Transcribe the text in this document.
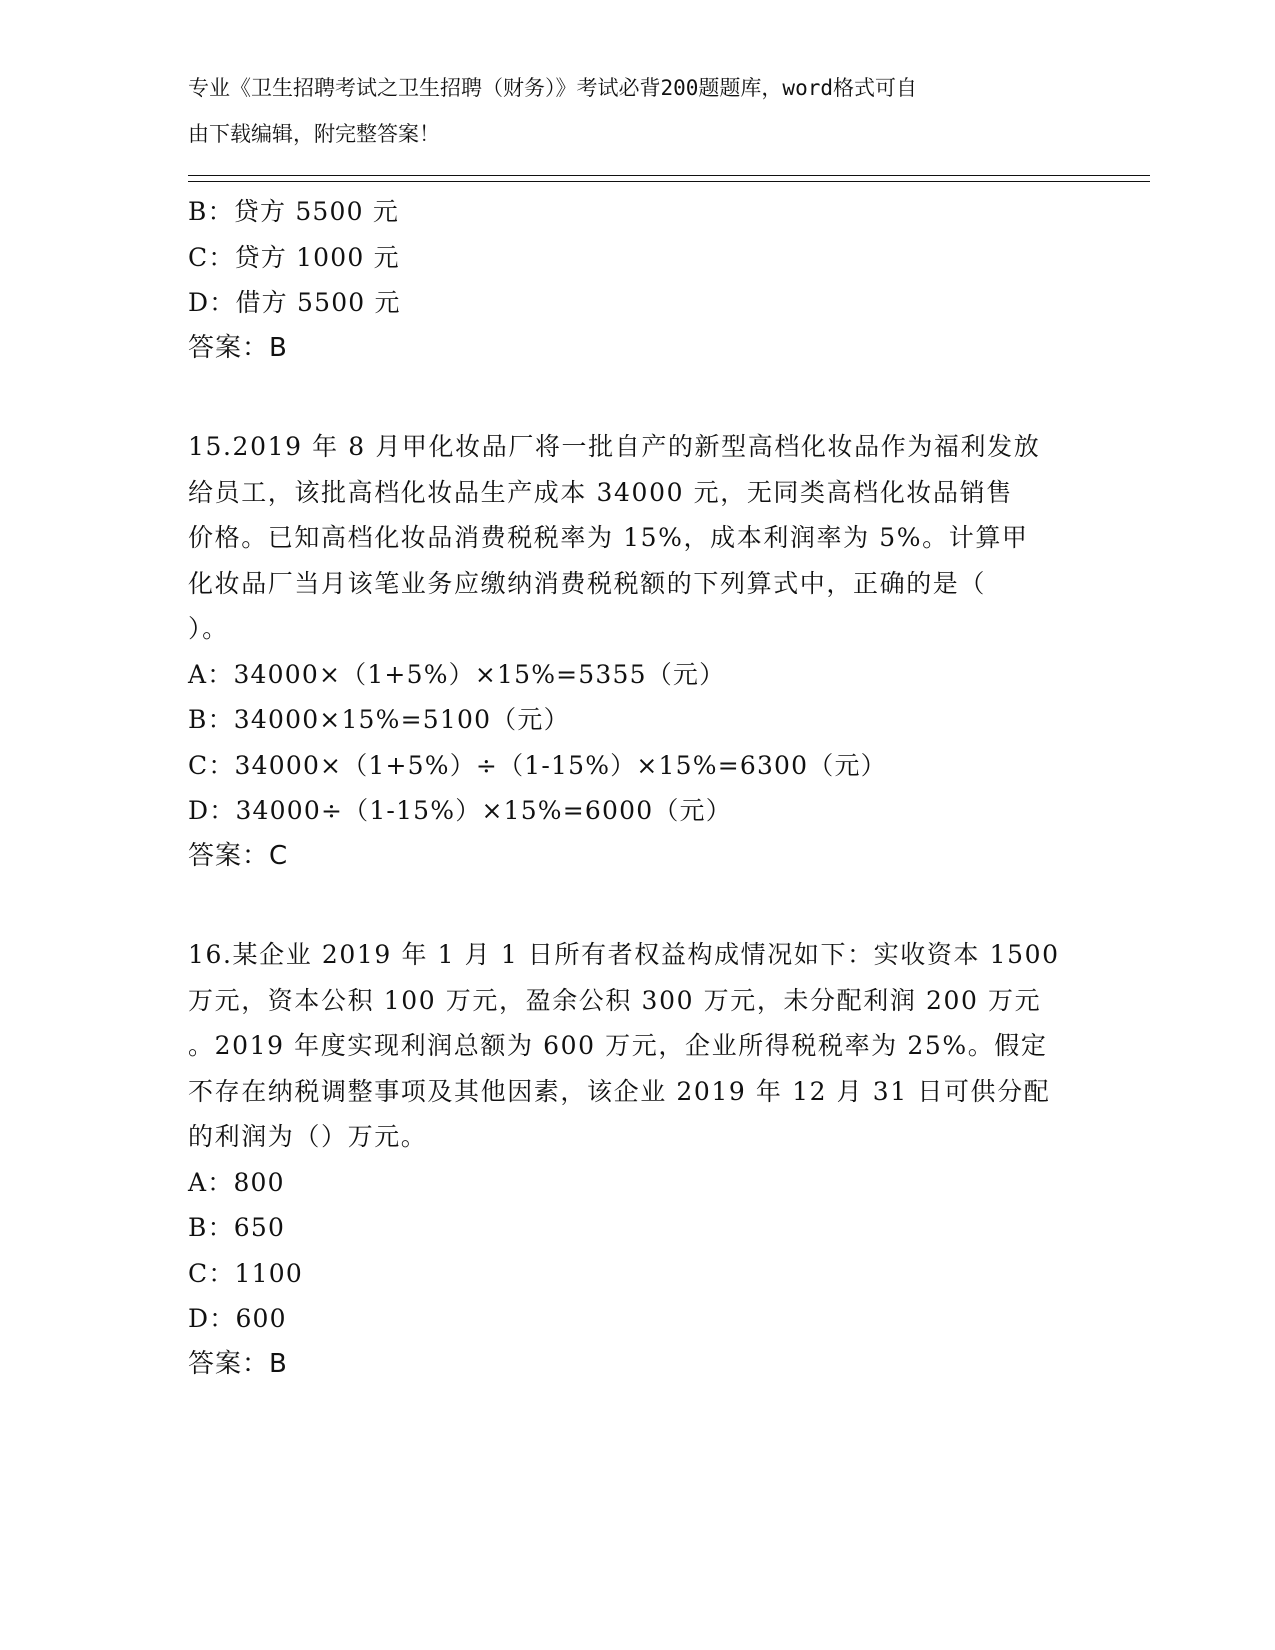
专业《卫生招聘考试之卫生招聘（财务）》考试必背200题题库，word格式可自
由下载编辑，附完整答案！
B：贷方 5500 元
C：贷方 1000 元
D：借方 5500 元
答案：B
15.2019 年 8 月甲化妆品厂将一批自产的新型高档化妆品作为福利发放
给员工，该批高档化妆品生产成本 34000 元，无同类高档化妆品销售
价格。已知高档化妆品消费税税率为 15%，成本利润率为 5%。计算甲
化妆品厂当月该笔业务应缴纳消费税税额的下列算式中，正确的是（
）。
A：34000×（1+5%）×15%=5355（元）
B：34000×15%=5100（元）
C：34000×（1+5%）÷（1-15%）×15%=6300（元）
D：34000÷（1-15%）×15%=6000（元）
答案：C
16.某企业 2019 年 1 月 1 日所有者权益构成情况如下：实收资本 1500
万元，资本公积 100 万元，盈余公积 300 万元，未分配利润 200 万元
。2019 年度实现利润总额为 600 万元，企业所得税税率为 25%。假定
不存在纳税调整事项及其他因素，该企业 2019 年 12 月 31 日可供分配
的利润为（）万元。
A：800
B：650
C：1100
D：600
答案：B
